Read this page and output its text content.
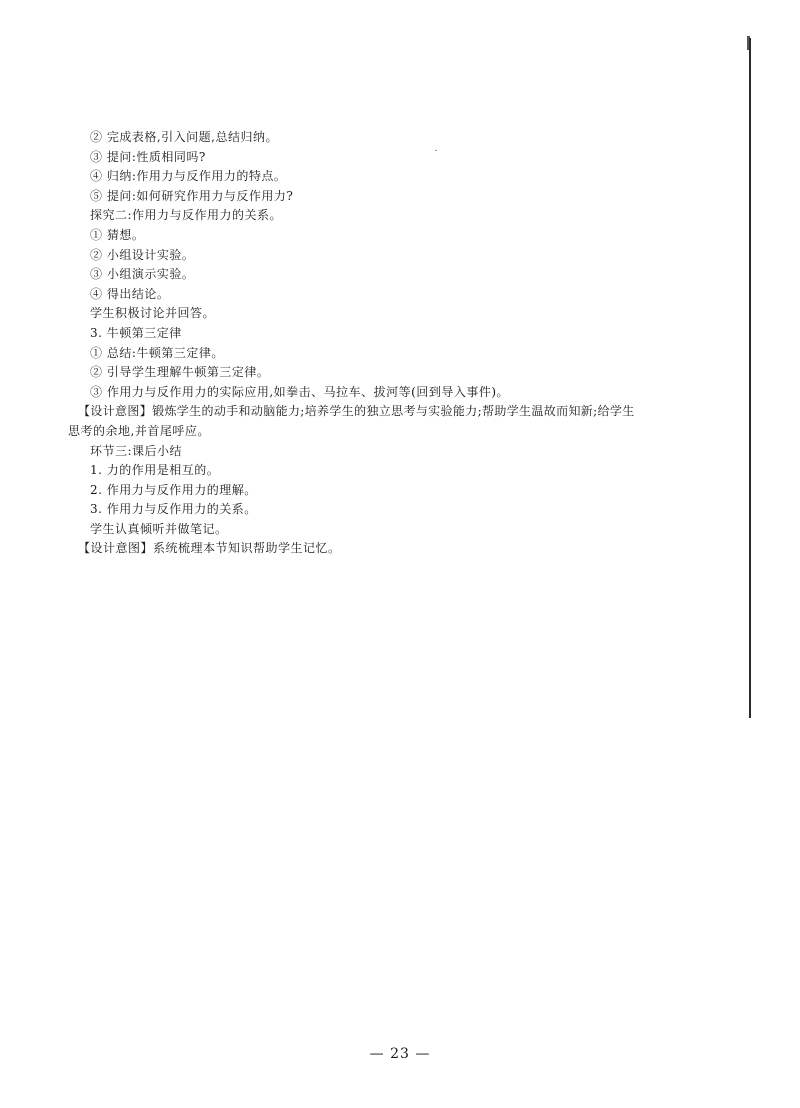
② 完成表格,引入问题,总结归纳。
③ 提问:性质相同吗?
④ 归纳:作用力与反作用力的特点。
⑤ 提问:如何研究作用力与反作用力?
探究二:作用力与反作用力的关系。
① 猜想。
② 小组设计实验。
③ 小组演示实验。
④ 得出结论。
学生积极讨论并回答。
3. 牛顿第三定律
① 总结:牛顿第三定律。
② 引导学生理解牛顿第三定律。
③ 作用力与反作用力的实际应用,如拳击、马拉车、拔河等(回到导入事件)。
【设计意图】锻炼学生的动手和动脑能力;培养学生的独立思考与实验能力;帮助学生温故而知新;给学生
思考的余地,并首尾呼应。
环节三:课后小结
1. 力的作用是相互的。
2. 作用力与反作用力的理解。
3. 作用力与反作用力的关系。
学生认真倾听并做笔记。
【设计意图】系统梳理本节知识帮助学生记忆。
— 23 —
